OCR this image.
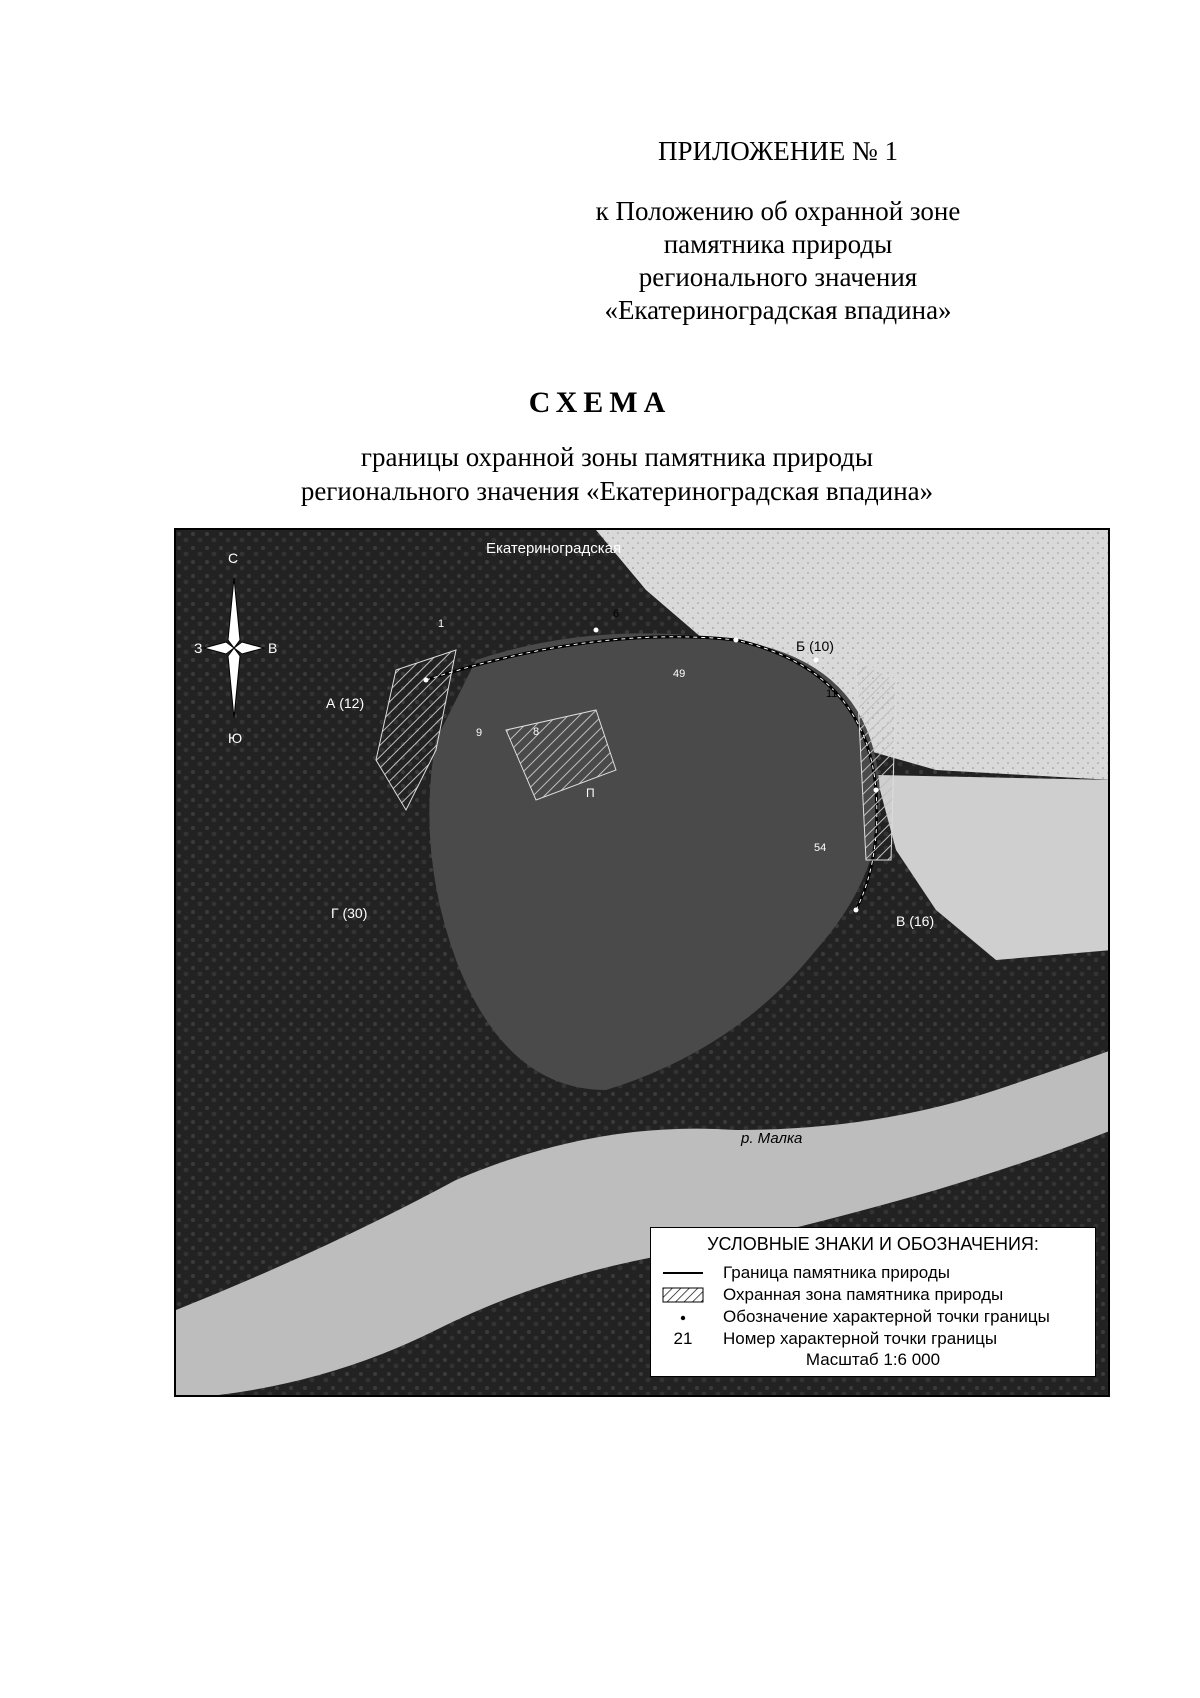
ПРИЛОЖЕНИЕ № 1
к Положению об охранной зоне
памятника природы
регионального значения
«Екатериноградская впадина»
СХЕМА
границы охранной зоны памятника природы
регионального значения «Екатериноградская впадина»
С
Ю
З	В
Екатериноградская
р. Малка
А (12)
Б (10)
В (16)
Г (30)
1
6
11
49
54
8
9
П
УСЛОВНЫЕ ЗНАКИ И ОБОЗНАЧЕНИЯ:
Граница памятника природы
Охранная зона памятника природы
Обозначение характерной точки границы
21	Номер характерной точки границы
Масштаб 1:6 000
